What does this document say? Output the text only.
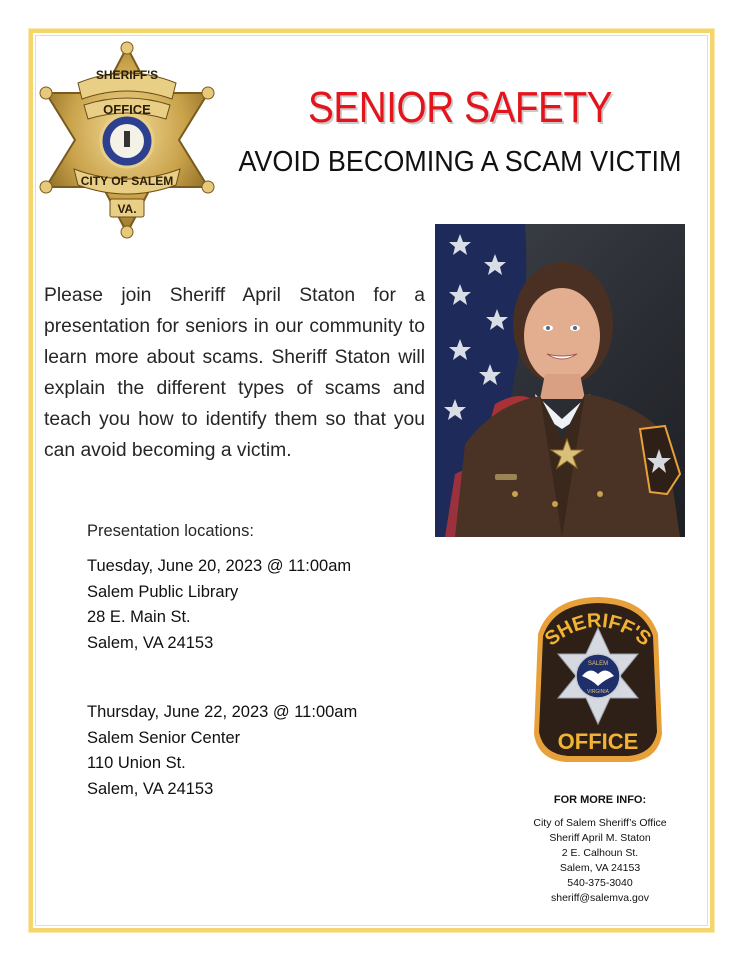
SHERIFF'S
OFFICE
CITY OF SALEM
VA.
SENIOR SAFETY
AVOID BECOMING A SCAM VICTIM
Please join Sheriff April Staton for a presentation for seniors in our community to learn more about scams. Sheriff Staton will explain the different types of scams and teach you how to identify them so that you can avoid becoming a victim.
Presentation locations:
Tuesday, June 20, 2023 @ 11:00am
Salem Public Library
28 E. Main St.
Salem, VA 24153
Thursday, June 22, 2023 @ 11:00am
Salem Senior Center
110 Union St.
Salem, VA 24153
SHERIFF'S
SALEM
VIRGINIA
OFFICE
FOR MORE INFO:
City of Salem Sheriff’s Office
Sheriff April M. Staton
2 E. Calhoun St.
Salem, VA 24153
540-375-3040
sheriff@salemva.gov
